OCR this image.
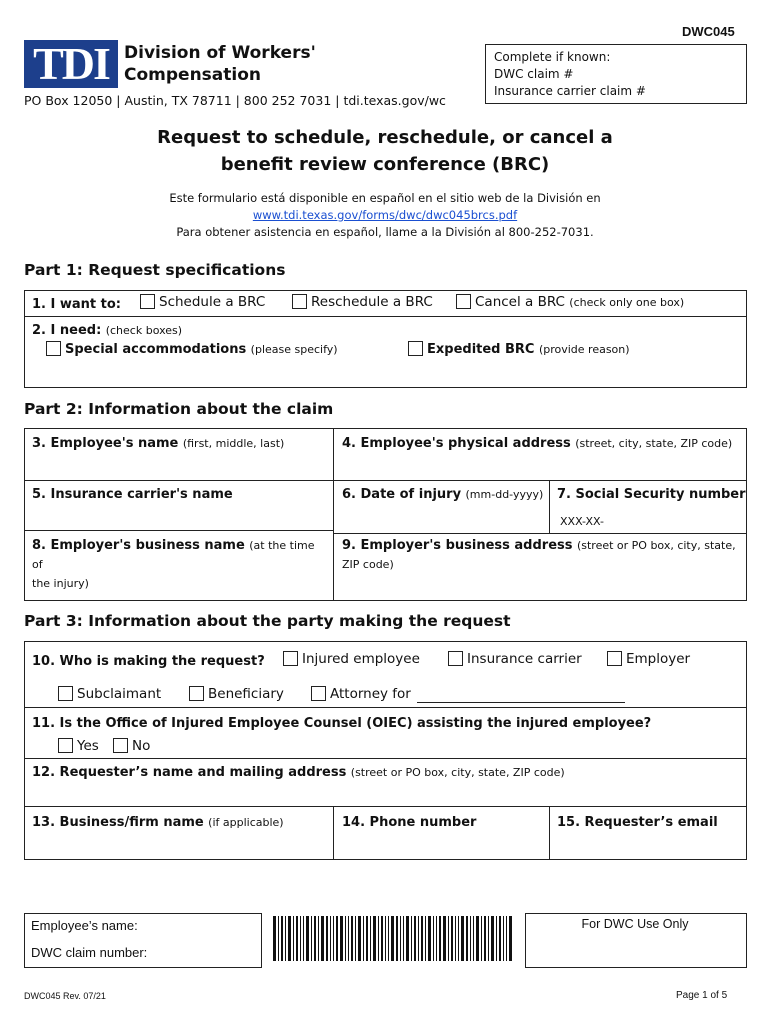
DWC045
TDI Division of Workers'
Compensation
PO Box 12050 | Austin, TX 78711 | 800 252 7031 | tdi.texas.gov/wc
Complete if known:
DWC claim #
Insurance carrier claim #
Request to schedule, reschedule, or cancel a
benefit review conference (BRC)
Este formulario está disponible en español en el sitio web de la División en
www.tdi.texas.gov/forms/dwc/dwc045brcs.pdf
Para obtener asistencia en español, llame a la División al 800-252-7031.
Part 1: Request specifications
1. I want to:	Schedule a BRC	Reschedule a BRC	Cancel a BRC (check only one box)
2. I need: (check boxes)
Special accommodations (please specify)	Expedited BRC (provide reason)
Part 2: Information about the claim
3. Employee's name (first, middle, last)	4. Employee's physical address (street, city, state, ZIP code)
5. Insurance carrier's name	6. Date of injury (mm-dd-yyyy) 7. Social Security number
XXX-XX-
8. Employer's business name (at the time of
the injury)
9. Employer's business address (street or PO box, city, state,
ZIP code)
Part 3: Information about the party making the request
10. Who is making the request?	Injured employee	Insurance carrier	Employer
Subclaimant	Beneficiary	Attorney for
11. Is the Office of Injured Employee Counsel (OIEC) assisting the injured employee?
Yes	No
12. Requester’s name and mailing address (street or PO box, city, state, ZIP code)
13. Business/firm name (if applicable)	14. Phone number	15. Requester’s email
Employee’s name:
DWC claim number:
For DWC Use Only
DWC045 Rev. 07/21	Page 1 of 5
